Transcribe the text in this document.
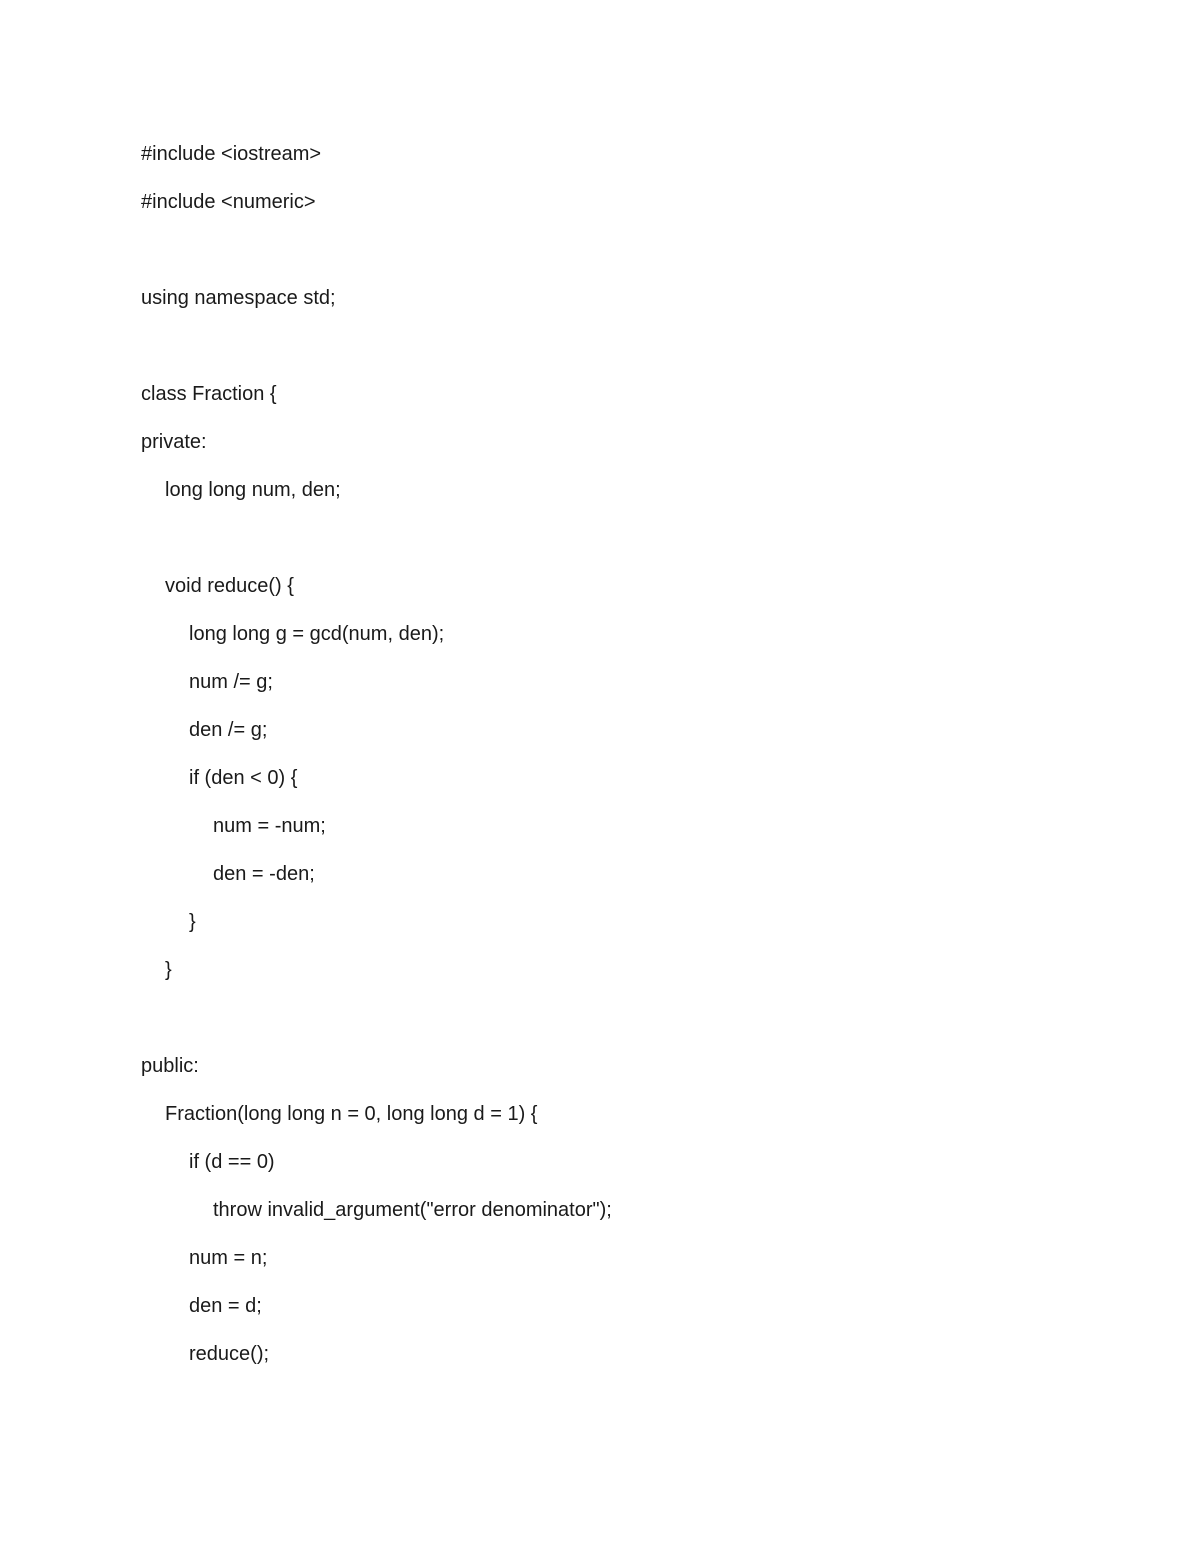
#include <iostream>
#include <numeric>
using namespace std;
class Fraction {
private:
long long num, den;
void reduce() {
long long g = gcd(num, den);
num /= g;
den /= g;
if (den < 0) {
num = -num;
den = -den;
}
}
public:
Fraction(long long n = 0, long long d = 1) {
if (d == 0)
throw invalid_argument("error denominator");
num = n;
den = d;
reduce();
